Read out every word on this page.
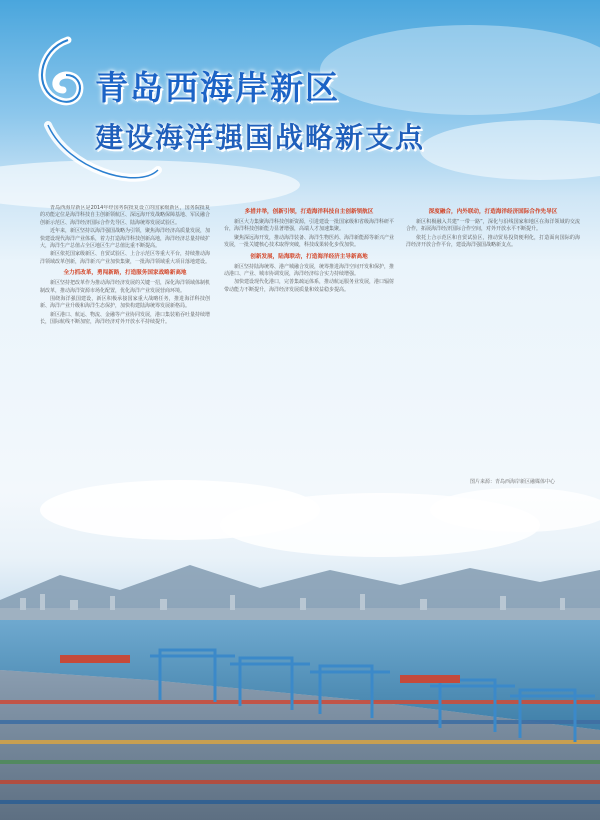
青岛西海岸新区
建设海洋强国战略新支点

青岛西海岸新区是2014年经国务院批复设立的国家级新区，国务院批复的功能定位是海洋科技自主创新领航区、深远海开发战略保障基地、军民融合创新示范区、海洋经济国际合作先导区、陆海统筹发展试验区。

近年来，新区坚持以海洋强国战略为引领，聚焦海洋经济高质量发展，加快建设现代海洋产业体系，着力打造海洋科技创新高地，海洋经济总量持续扩大，海洋生产总值占全区地区生产总值比重不断提高。

新区依托国家级新区、自贸试验区、上合示范区等重大平台，持续推动海洋领域改革创新，海洋新兴产业加快集聚，一批海洋领域重大项目落地建设。

全力抓改革，勇闯新路，打造服务国家战略新高地

新区坚持把改革作为推动海洋经济发展的关键一招，深化海洋领域体制机制改革，推动海洋资源市场化配置，优化海洋产业发展营商环境。

围绕海洋强国建设，新区积极承接国家重大战略任务，推进海洋科技创新、海洋产业升级和海洋生态保护，加快构建陆海统筹发展新格局。

新区港口、航运、物流、金融等产业协同发展，港口集装箱吞吐量持续增长，国际航线不断加密，海洋经济对外开放水平持续提升。

多措并举，创新引领，打造海洋科技自主创新领航区

新区大力集聚海洋科技创新资源，引进建设一批国家级和省级海洋科研平台，海洋科技创新能力显著增强，高端人才加速集聚。

聚焦深远海开发，推动海洋装备、海洋生物医药、海洋新能源等新兴产业发展，一批关键核心技术取得突破，科技成果转化步伐加快。

创新发展，陆海联动，打造海洋经济主导新高地

新区坚持陆海统筹、港产城融合发展，统筹推进海洋空间开发和保护，推动港口、产业、城市协调发展，海洋经济综合实力持续增强。

加快建设现代化港口，完善集疏运体系，推动航运服务业发展，港口辐射带动能力不断提升，海洋经济发展质量和效益稳步提高。

深度融合，内外联动，打造海洋经济国际合作先导区

新区积极融入共建“一带一路”，深化与沿线国家和地区在海洋领域的交流合作，拓展海洋经济国际合作空间，对外开放水平不断提升。

依托上合示范区和自贸试验区，推动贸易投资便利化，打造面向国际的海洋经济开放合作平台，建设海洋强国战略新支点。

图片来源：青岛西海岸新区融媒体中心
